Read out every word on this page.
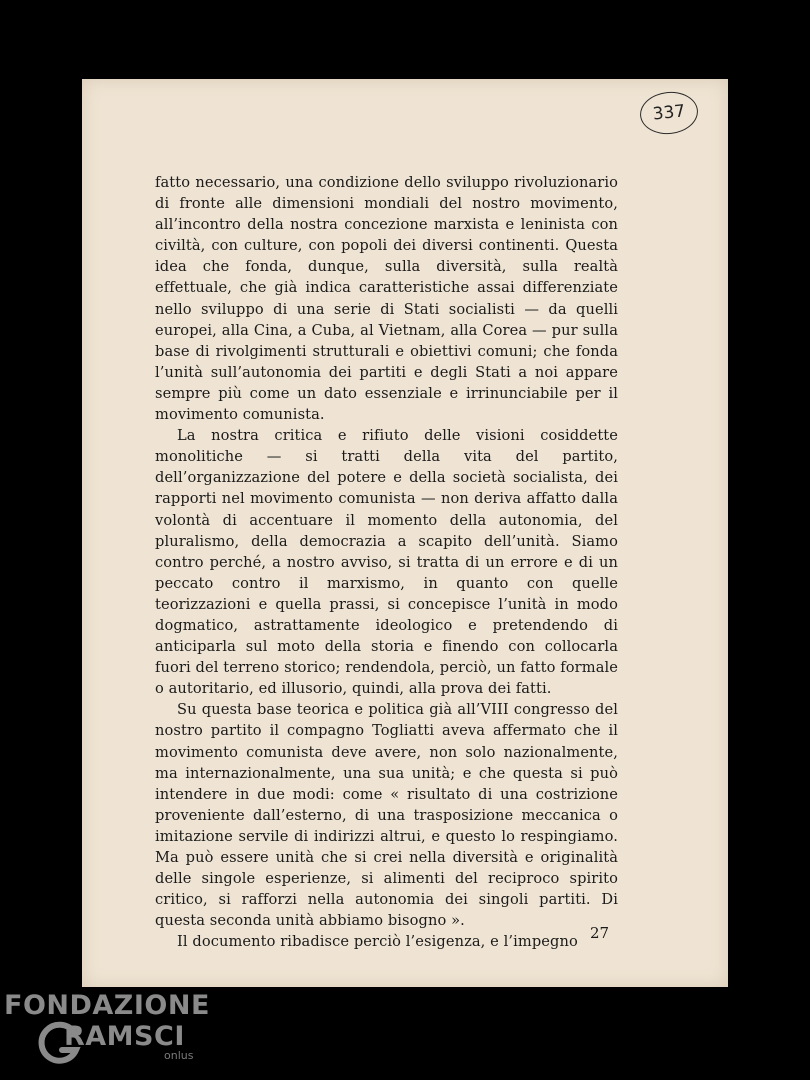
337

fatto necessario, una condizione dello sviluppo rivoluzionario di fronte alle dimensioni mondiali del nostro movimento, all’incontro della nostra concezione marxista e leninista con civiltà, con culture, con popoli dei diversi continenti. Questa idea che fonda, dunque, sulla diversità, sulla realtà effettuale, che già indica caratteristiche assai differenziate nello sviluppo di una serie di Stati socialisti — da quelli europei, alla Cina, a Cuba, al Vietnam, alla Corea — pur sulla base di rivolgimenti strutturali e obiettivi comuni; che fonda l’unità sull’autonomia dei partiti e degli Stati a noi appare sempre più come un dato essenziale e irrinunciabile per il movimento comunista.

La nostra critica e rifiuto delle visioni cosiddette monolitiche — si tratti della vita del partito, dell’organizzazione del potere e della società socialista, dei rapporti nel movimento comunista — non deriva affatto dalla volontà di accentuare il momento della autonomia, del pluralismo, della democrazia a scapito dell’unità. Siamo contro perché, a nostro avviso, si tratta di un errore e di un peccato contro il marxismo, in quanto con quelle teorizzazioni e quella prassi, si concepisce l’unità in modo dogmatico, astrattamente ideologico e pretendendo di anticiparla sul moto della storia e finendo con collocarla fuori del terreno storico; rendendola, perciò, un fatto formale o autoritario, ed illusorio, quindi, alla prova dei fatti.

Su questa base teorica e politica già all’VIII congresso del nostro partito il compagno Togliatti aveva affermato che il movimento comunista deve avere, non solo nazionalmente, ma internazionalmente, una sua unità; e che questa si può intendere in due modi: come « risultato di una costrizione proveniente dall’esterno, di una trasposizione meccanica o imitazione servile di indirizzi altrui, e questo lo respingiamo. Ma può essere unità che si crei nella diversità e originalità delle singole esperienze, si alimenti del reciproco spirito critico, si rafforzi nella autonomia dei singoli partiti. Di questa seconda unità abbiamo bisogno ».

Il documento ribadisce perciò l’esigenza, e l’impegno 27
FONDAZIONE
RAMSCI
onlus
